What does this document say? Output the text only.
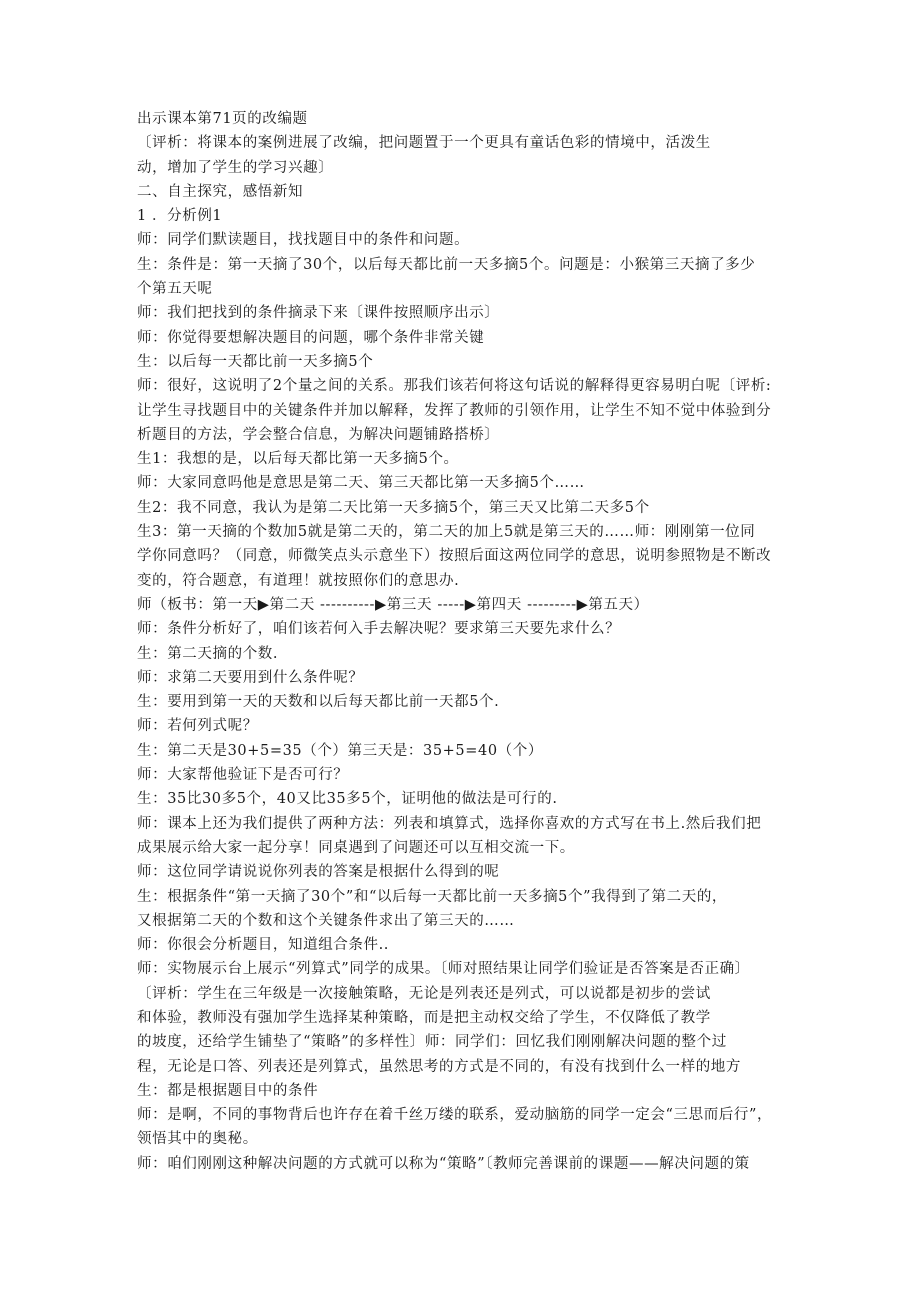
出示课本第71页的改编题
〔评析：将课本的案例进展了改编，把问题置于一个更具有童话色彩的情境中，活泼生
动，增加了学生的学习兴趣〕
二、自主探究，感悟新知
1 ．分析例1
师：同学们默读题目，找找题目中的条件和问题。
生：条件是：第一天摘了30个，以后每天都比前一天多摘5个。问题是：小猴第三天摘了多少
个第五天呢
师：我们把找到的条件摘录下来〔课件按照顺序出示〕
师：你觉得要想解决题目的问题，哪个条件非常关键
生：以后每一天都比前一天多摘5个
师：很好，这说明了2个量之间的关系。那我们该若何将这句话说的解释得更容易明白呢〔评析:
让学生寻找题目中的关键条件并加以解释，发挥了教师的引领作用，让学生不知不觉中体验到分
析题目的方法，学会整合信息，为解决问题铺路搭桥〕
生1：我想的是，以后每天都比第一天多摘5个。
师：大家同意吗他是意思是第二天、第三天都比第一天多摘5个……
生2：我不同意，我认为是第二天比第一天多摘5个，第三天又比第二天多5个
生3：第一天摘的个数加5就是第二天的，第二天的加上5就是第三天的……师：刚刚第一位同
学你同意吗？（同意，师微笑点头示意坐下）按照后面这两位同学的意思，说明参照物是不断改
变的，符合题意，有道理！就按照你们的意思办.
师（板书：第一天▶第二天 ----------▶第三天 -----▶第四天 ---------▶第五天）
师：条件分析好了，咱们该若何入手去解决呢？要求第三天要先求什么？
生：第二天摘的个数.
师：求第二天要用到什么条件呢？
生：要用到第一天的天数和以后每天都比前一天都5个.
师：若何列式呢？
生：第二天是30+5=35（个）第三天是：35+5=40（个）
师：大家帮他验证下是否可行？
生：35比30多5个，40又比35多5个，证明他的做法是可行的.
师：课本上还为我们提供了两种方法：列表和填算式，选择你喜欢的方式写在书上.然后我们把
成果展示给大家一起分享！同桌遇到了问题还可以互相交流一下。
师：这位同学请说说你列表的答案是根据什么得到的呢
生：根据条件“第一天摘了30个”和“以后每一天都比前一天多摘5个”我得到了第二天的，
又根据第二天的个数和这个关键条件求出了第三天的……
师：你很会分析题目，知道组合条件..
师：实物展示台上展示“列算式”同学的成果。〔师对照结果让同学们验证是否答案是否正确〕
〔评析：学生在三年级是一次接触策略，无论是列表还是列式，可以说都是初步的尝试
和体验，教师没有强加学生选择某种策略，而是把主动权交给了学生，不仅降低了教学
的坡度，还给学生铺垫了“策略”的多样性〕师：同学们：回忆我们刚刚解决问题的整个过
程，无论是口答、列表还是列算式，虽然思考的方式是不同的，有没有找到什么一样的地方
生：都是根据题目中的条件
师：是啊，不同的事物背后也许存在着千丝万缕的联系，爱动脑筋的同学一定会“三思而后行”，
领悟其中的奥秘。
师：咱们刚刚这种解决问题的方式就可以称为“策略”〔教师完善课前的课题——解决问题的策
